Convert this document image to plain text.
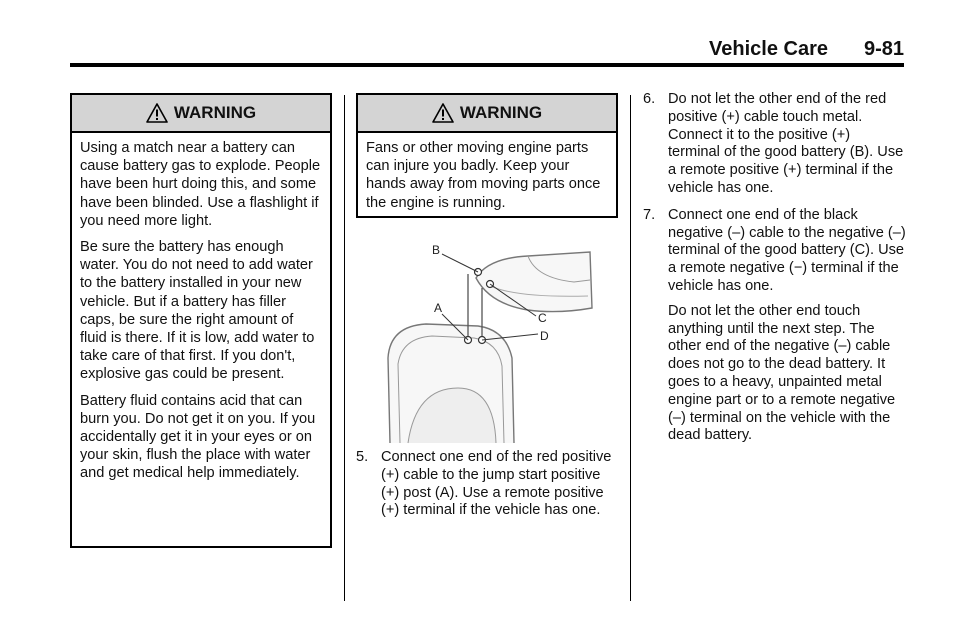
Vehicle Care 9-81
WARNING

Using a match near a battery can cause battery gas to explode. People have been hurt doing this, and some have been blinded. Use a flashlight if you need more light.

Be sure the battery has enough water. You do not need to add water to the battery installed in your new vehicle. But if a battery has filler caps, be sure the right amount of fluid is there. If it is low, add water to take care of that first. If you don't, explosive gas could be present.

Battery fluid contains acid that can burn you. Do not get it on you. If you accidentally get it in your eyes or on your skin, flush the place with water and get medical help immediately.

WARNING

Fans or other moving engine parts can injure you badly. Keep your hands away from moving parts once the engine is running.

B
A
C
D
5. Connect one end of the red positive (+) cable to the jump start positive (+) post (A). Use a remote positive (+) terminal if the vehicle has one.
6. Do not let the other end of the red positive (+) cable touch metal. Connect it to the positive (+) terminal of the good battery (B). Use a remote positive (+) terminal if the vehicle has one.
7. Connect one end of the black negative (–) cable to the negative (–) terminal of the good battery (C). Use a remote negative (−) terminal if the vehicle has one.
Do not let the other end touch anything until the next step. The other end of the negative (–) cable does not go to the dead battery. It goes to a heavy, unpainted metal engine part or to a remote negative (–) terminal on the vehicle with the dead battery.
